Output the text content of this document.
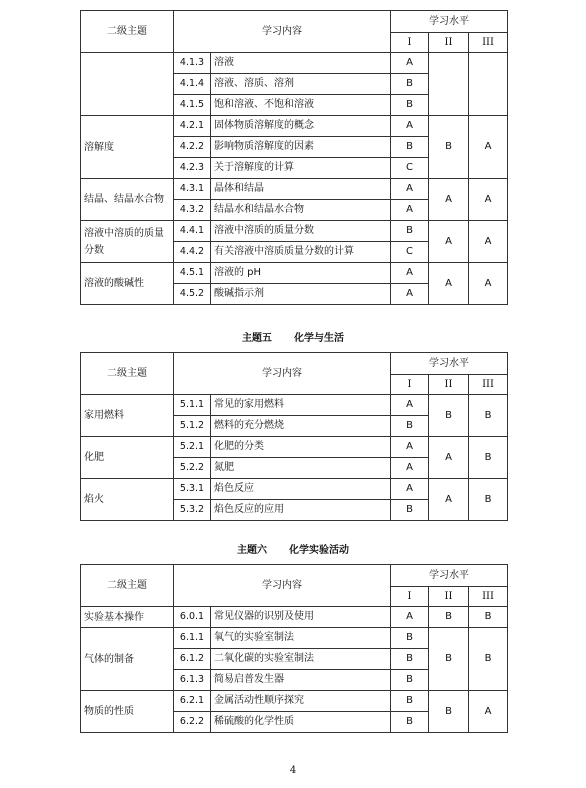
二级主题	学习内容		学习水平		
			I	II	III
	4.1.3	溶液	A		
	4.1.4	溶液、溶质、溶剂	B		
	4.1.5	饱和溶液、不饱和溶液	B		
溶解度	4.2.1	固体物质溶解度的概念	A	B	A
	4.2.2	影响物质溶解度的因素	B		
	4.2.3	关于溶解度的计算	C		
结晶、结晶水合物	4.3.1	晶体和结晶	A	A	A
	4.3.2	结晶水和结晶水合物	A		
溶液中溶质的质量分数	4.4.1	溶液中溶质的质量分数	B	A	A
	4.4.2	有关溶液中溶质质量分数的计算	C		
溶液的酸碱性	4.5.1	溶液的 pH	A	A	A
	4.5.2	酸碱指示剂	A		
主题五 化学与生活
二级主题	学习内容		学习水平		
			I	II	III
家用燃料	5.1.1	常见的家用燃料	A	B	B
	5.1.2	燃料的充分燃烧	B		
化肥	5.2.1	化肥的分类	A	A	B
	5.2.2	氮肥	A		
焰火	5.3.1	焰色反应	A	A	B
	5.3.2	焰色反应的应用	B		
主题六 化学实验活动
二级主题	学习内容		学习水平		
			I	II	III
实验基本操作	6.0.1	常见仪器的识别及使用	A	B	B
气体的制备	6.1.1	氧气的实验室制法	B	B	B
	6.1.2	二氧化碳的实验室制法	B		
	6.1.3	简易启普发生器	B		
物质的性质	6.2.1	金属活动性顺序探究	B	B	A
	6.2.2	稀硫酸的化学性质	B		
4
